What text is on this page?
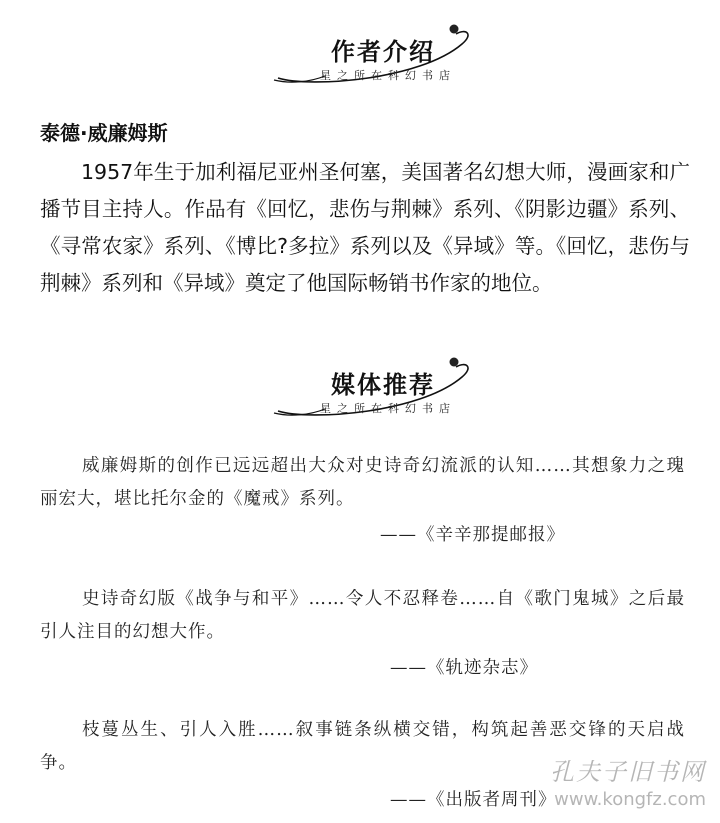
作者介绍
星之所在科幻书店
泰德·威廉姆斯

1957年生于加利福尼亚州圣何塞，美国著名幻想大师，漫画家和广播节目主持人。作品有《回忆，悲伤与荆棘》系列、《阴影边疆》系列、《寻常农家》系列、《博比?多拉》系列以及《异域》等。《回忆，悲伤与荆棘》系列和《异域》奠定了他国际畅销书作家的地位。

媒体推荐
星之所在科幻书店

威廉姆斯的创作已远远超出大众对史诗奇幻流派的认知……其想象力之瑰丽宏大，堪比托尔金的《魔戒》系列。

——《辛辛那提邮报》

史诗奇幻版《战争与和平》……令人不忍释卷……自《歌门鬼城》之后最引人注目的幻想大作。

——《轨迹杂志》

枝蔓丛生、引人入胜……叙事链条纵横交错，构筑起善恶交锋的天启战争。

——《出版者周刊》
孔夫子旧书网
www.kongfz.com
